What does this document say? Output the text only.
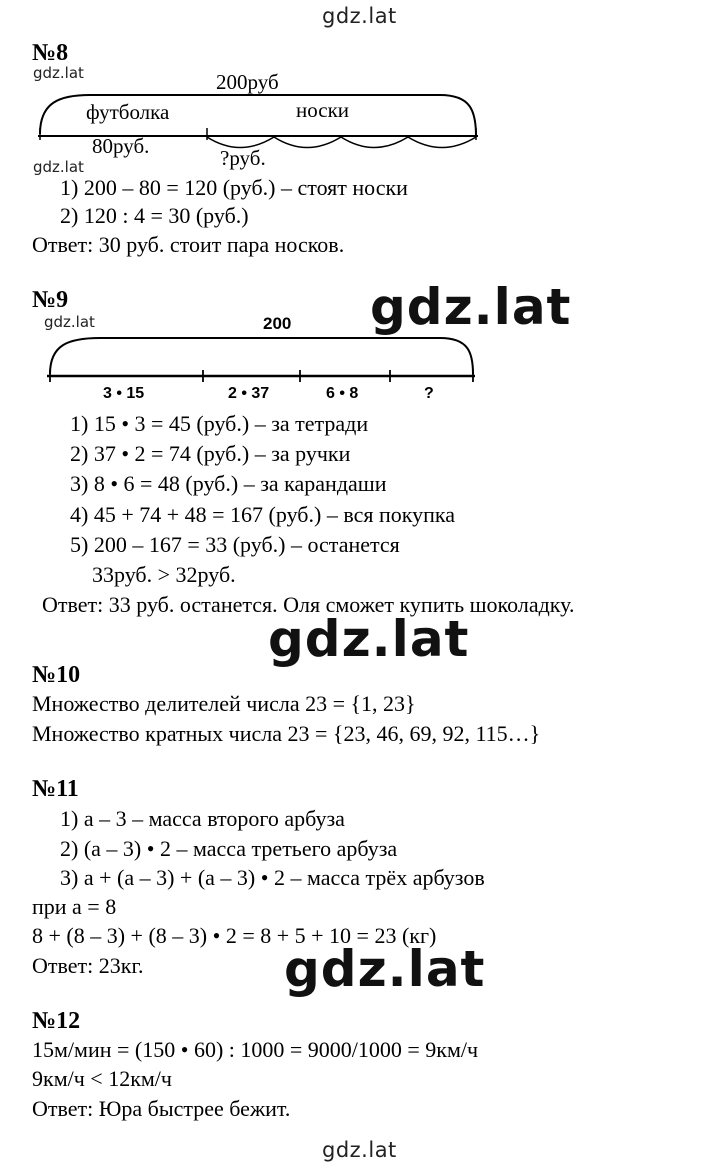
gdz.lat
№8
gdz.lat	200руб
футболка	носки
80руб.	?руб.
gdz.lat
1) 200 – 80 = 120 (руб.) – стоят носки
2) 120 : 4 = 30 (руб.)
Ответ: 30 руб. стоит пара носков.
№9
gdz.lat	gdz.lat
200
3 • 15	2 • 37	6 • 8	?
1) 15 • 3 = 45 (руб.) – за тетради
2) 37 • 2 = 74 (руб.) – за ручки
3) 8 • 6 = 48 (руб.) – за карандаши
4) 45 + 74 + 48 = 167 (руб.) – вся покупка
5) 200 – 167 = 33 (руб.) – останется
33руб. > 32руб.
Ответ: 33 руб. останется. Оля сможет купить шоколадку.
gdz.lat
№10
Множество делителей числа 23 = {1, 23}
Множество кратных числа 23 = {23, 46, 69, 92, 115…}
№11
1) a – 3 – масса второго арбуза
2) (a – 3) • 2 – масса третьего арбуза
3) a + (a – 3) + (a – 3) • 2 – масса трёх арбузов
при a = 8
8 + (8 – 3) + (8 – 3) • 2 = 8 + 5 + 10 = 23 (кг)
Ответ: 23кг.	gdz.lat
№12
15м/мин = (150 • 60) : 1000 = 9000/1000 = 9км/ч
9км/ч < 12км/ч
Ответ: Юра быстрее бежит.
gdz.lat
